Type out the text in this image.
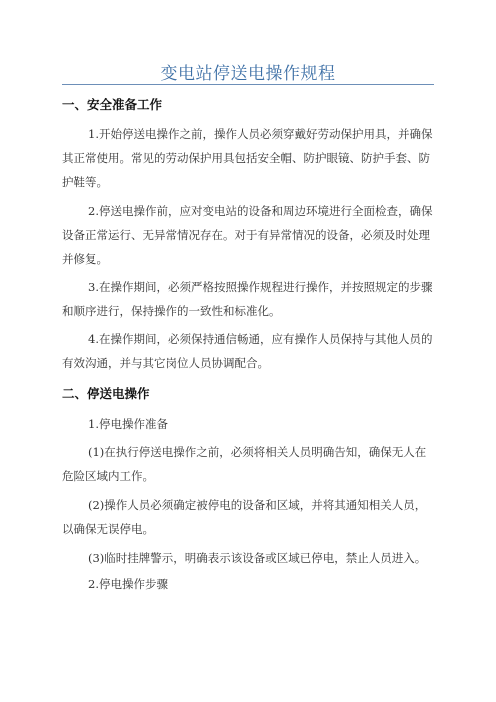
变电站停送电操作规程
一、安全准备工作

1.开始停送电操作之前，操作人员必须穿戴好劳动保护用具，并确保其正常使用。常见的劳动保护用具包括安全帽、防护眼镜、防护手套、防护鞋等。

2.停送电操作前，应对变电站的设备和周边环境进行全面检查，确保设备正常运行、无异常情况存在。对于有异常情况的设备，必须及时处理并修复。

3.在操作期间，必须严格按照操作规程进行操作，并按照规定的步骤和顺序进行，保持操作的一致性和标准化。

4.在操作期间，必须保持通信畅通，应有操作人员保持与其他人员的有效沟通，并与其它岗位人员协调配合。

二、停送电操作

1.停电操作准备

(1)在执行停送电操作之前，必须将相关人员明确告知，确保无人在危险区域内工作。

(2)操作人员必须确定被停电的设备和区域，并将其通知相关人员，以确保无误停电。

(3)临时挂牌警示，明确表示该设备或区域已停电，禁止人员进入。

2.停电操作步骤
